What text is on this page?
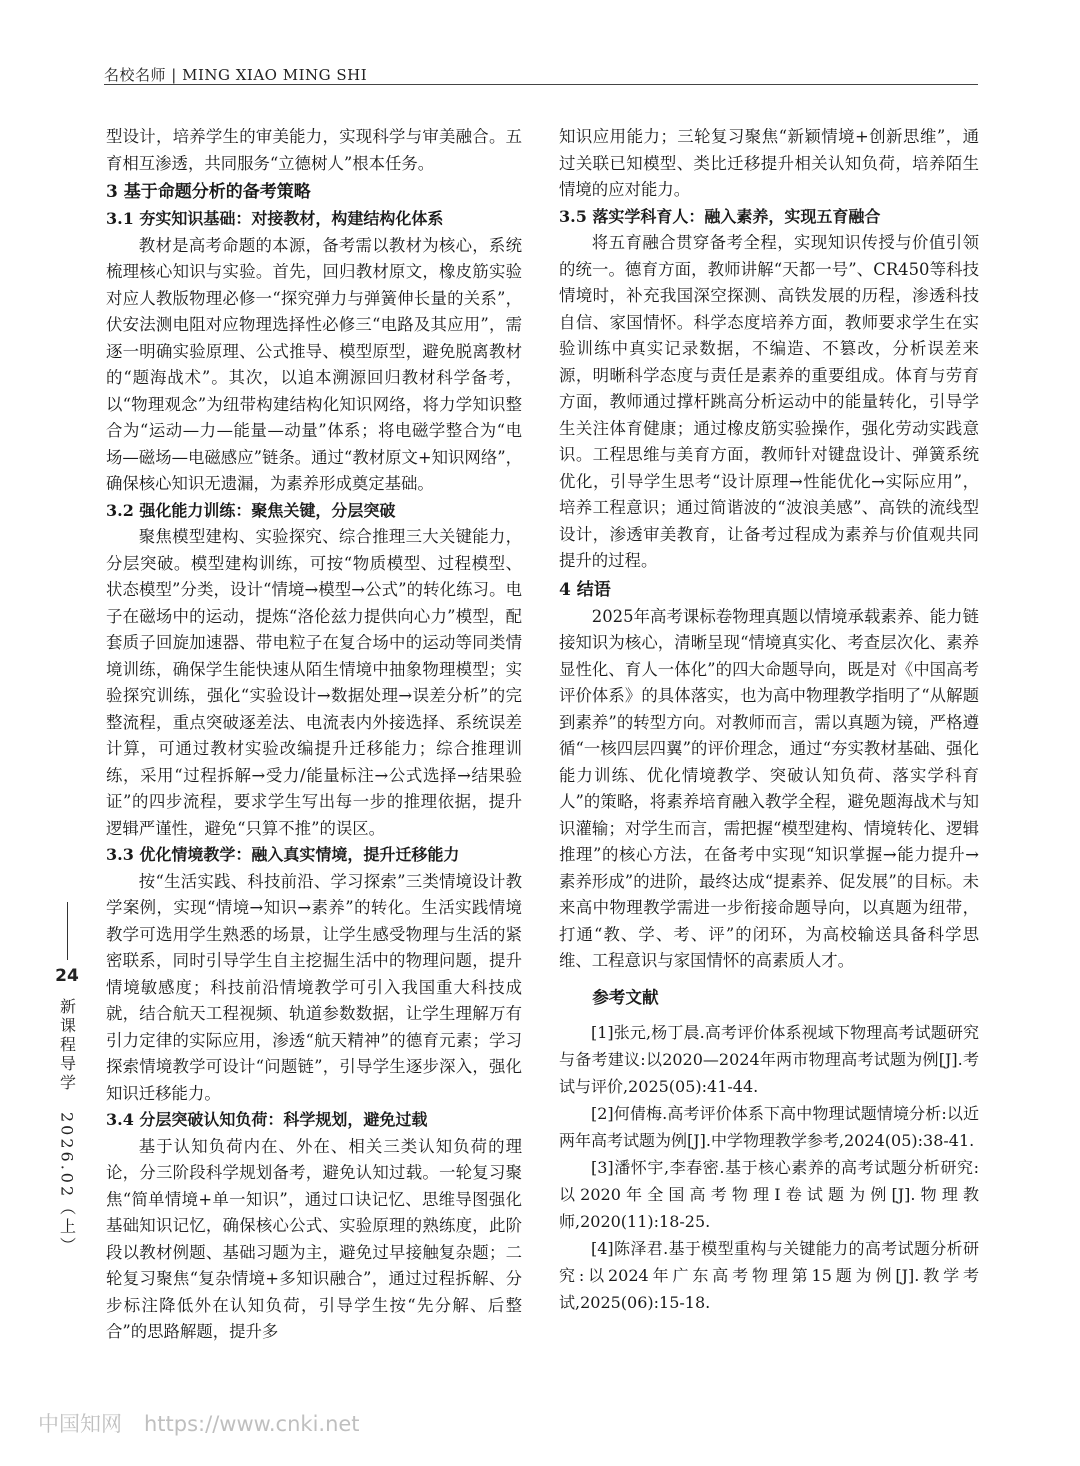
名校名师 | MING XIAO MING SHI

型设计，培养学生的审美能力，实现科学与审美融合。五育相互渗透，共同服务“立德树人”根本任务。

3 基于命题分析的备考策略
3.1 夯实知识基础：对接教材，构建结构化体系

教材是高考命题的本源，备考需以教材为核心，系统梳理核心知识与实验。首先，回归教材原文，橡皮筋实验对应人教版物理必修一“探究弹力与弹簧伸长量的关系”，伏安法测电阻对应物理选择性必修三“电路及其应用”，需逐一明确实验原理、公式推导、模型原型，避免脱离教材的“题海战术”。其次，以追本溯源回归教材科学备考，以“物理观念”为纽带构建结构化知识网络，将力学知识整合为“运动—力—能量—动量”体系；将电磁学整合为“电场—磁场—电磁感应”链条。通过“教材原文+知识网络”，确保核心知识无遗漏，为素养形成奠定基础。

3.2 强化能力训练：聚焦关键，分层突破

聚焦模型建构、实验探究、综合推理三大关键能力，分层突破。模型建构训练，可按“物质模型、过程模型、状态模型”分类，设计“情境→模型→公式”的转化练习。电子在磁场中的运动，提炼“洛伦兹力提供向心力”模型，配套质子回旋加速器、带电粒子在复合场中的运动等同类情境训练，确保学生能快速从陌生情境中抽象物理模型；实验探究训练，强化“实验设计→数据处理→误差分析”的完整流程，重点突破逐差法、电流表内外接选择、系统误差计算，可通过教材实验改编提升迁移能力；综合推理训练，采用“过程拆解→受力/能量标注→公式选择→结果验证”的四步流程，要求学生写出每一步的推理依据，提升逻辑严谨性，避免“只算不推”的误区。

3.3 优化情境教学：融入真实情境，提升迁移能力

按“生活实践、科技前沿、学习探索”三类情境设计教学案例，实现“情境→知识→素养”的转化。生活实践情境教学可选用学生熟悉的场景，让学生感受物理与生活的紧密联系，同时引导学生自主挖掘生活中的物理问题，提升情境敏感度；科技前沿情境教学可引入我国重大科技成就，结合航天工程视频、轨道参数数据，让学生理解万有引力定律的实际应用，渗透“航天精神”的德育元素；学习探索情境教学可设计“问题链”，引导学生逐步深入，强化知识迁移能力。

3.4 分层突破认知负荷：科学规划，避免过载

基于认知负荷内在、外在、相关三类认知负荷的理论，分三阶段科学规划备考，避免认知过载。一轮复习聚焦“简单情境+单一知识”，通过口诀记忆、思维导图强化基础知识记忆，确保核心公式、实验原理的熟练度，此阶段以教材例题、基础习题为主，避免过早接触复杂题；二轮复习聚焦“复杂情境+多知识融合”，通过过程拆解、分步标注降低外在认知负荷，引导学生按“先分解、后整合”的思路解题，提升多

知识应用能力；三轮复习聚焦“新颖情境+创新思维”，通过关联已知模型、类比迁移提升相关认知负荷，培养陌生情境的应对能力。

3.5 落实学科育人：融入素养，实现五育融合

将五育融合贯穿备考全程，实现知识传授与价值引领的统一。德育方面，教师讲解“天都一号”、CR450等科技情境时，补充我国深空探测、高铁发展的历程，渗透科技自信、家国情怀。科学态度培养方面，教师要求学生在实验训练中真实记录数据，不编造、不篡改，分析误差来源，明晰科学态度与责任是素养的重要组成。体育与劳育方面，教师通过撑杆跳高分析运动中的能量转化，引导学生关注体育健康；通过橡皮筋实验操作，强化劳动实践意识。工程思维与美育方面，教师针对键盘设计、弹簧系统优化，引导学生思考“设计原理→性能优化→实际应用”，培养工程意识；通过简谐波的“波浪美感”、高铁的流线型设计，渗透审美教育，让备考过程成为素养与价值观共同提升的过程。

4 结语

2025年高考课标卷物理真题以情境承载素养、能力链接知识为核心，清晰呈现“情境真实化、考查层次化、素养显性化、育人一体化”的四大命题导向，既是对《中国高考评价体系》的具体落实，也为高中物理教学指明了“从解题到素养”的转型方向。对教师而言，需以真题为镜，严格遵循“一核四层四翼”的评价理念，通过“夯实教材基础、强化能力训练、优化情境教学、突破认知负荷、落实学科育人”的策略，将素养培育融入教学全程，避免题海战术与知识灌输；对学生而言，需把握“模型建构、情境转化、逻辑推理”的核心方法，在备考中实现“知识掌握→能力提升→素养形成”的进阶，最终达成“提素养、促发展”的目标。未来高中物理教学需进一步衔接命题导向，以真题为纽带，打通“教、学、考、评”的闭环，为高校输送具备科学思维、工程意识与家国情怀的高素质人才。

参考文献

[1]张元,杨丁晨.高考评价体系视域下物理高考试题研究与备考建议:以2020—2024年两市物理高考试题为例[J].考试与评价,2025(05):41-44.

[2]何倩梅.高考评价体系下高中物理试题情境分析:以近两年高考试题为例[J].中学物理教学参考,2024(05):38-41.

[3]潘怀宇,李春密.基于核心素养的高考试题分析研究:以2020年全国高考物理Ⅰ卷试题为例[J].物理教师,2020(11):18-25.

[4]陈泽君.基于模型重构与关键能力的高考试题分析研究:以2024年广东高考物理第15题为例[J].教学考试,2025(06):15-18.

24
新课程导学　2026.02（上）
中国知网 https://www.cnki.net
